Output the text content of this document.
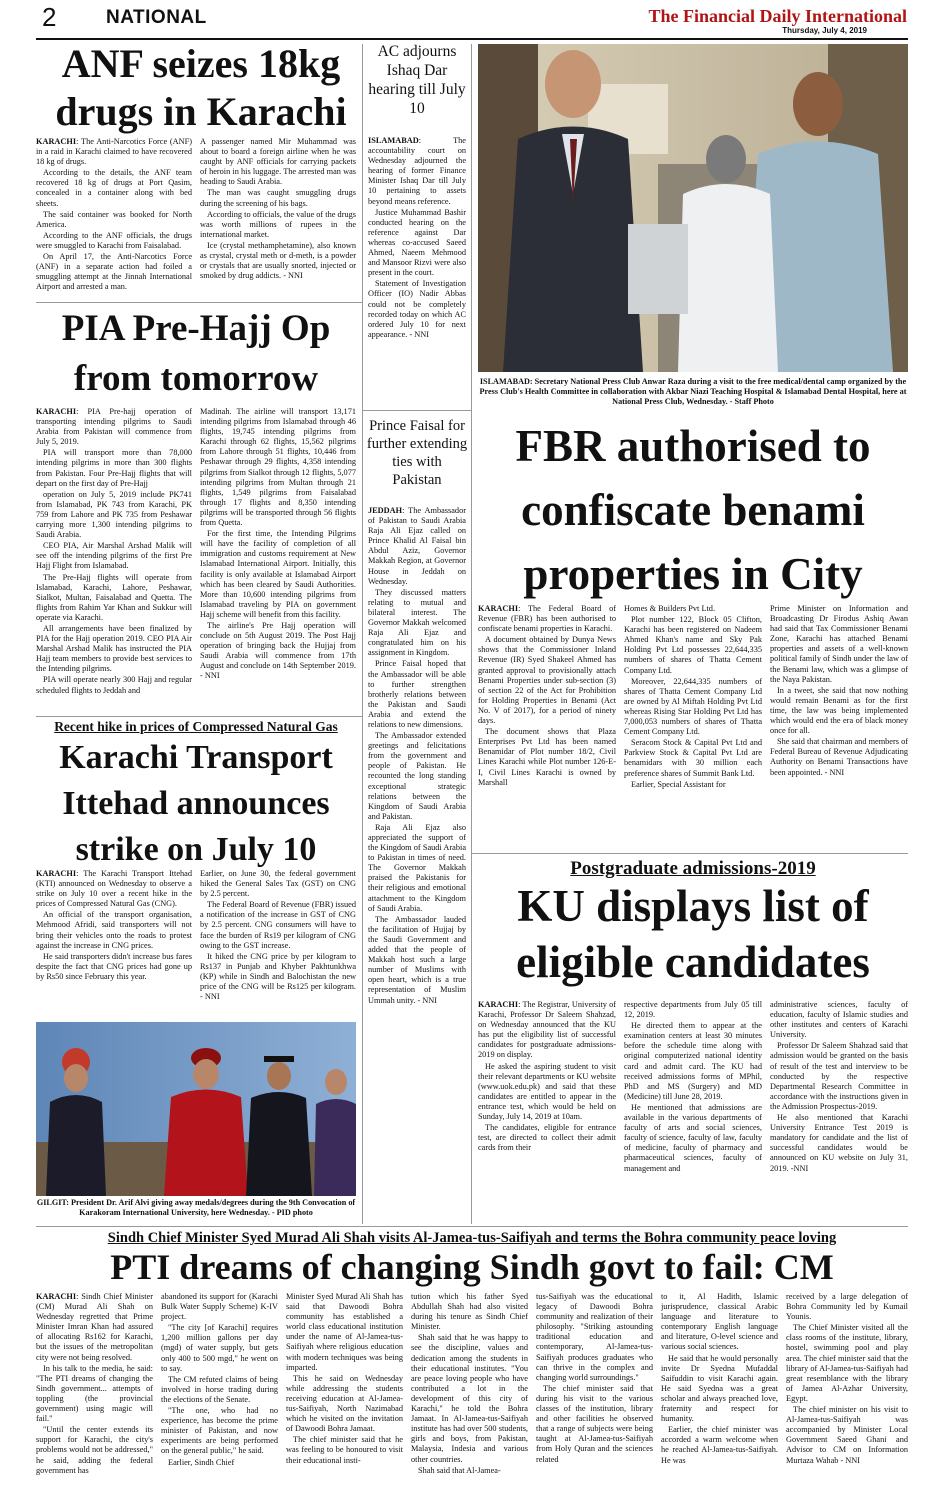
2	NATIONAL	The Financial Daily International
Thursday, July 4, 2019
ANF seizes 18kg drugs in Karachi

KARACHI: The Anti-Narcotics Force (ANF) in a raid in Karachi claimed to have recovered 18 kg of drugs.

According to the details, the ANF team recovered 18 kg of drugs at Port Qasim, concealed in a container along with bed sheets.

The said container was booked for North America.

According to the ANF officials, the drugs were smuggled to Karachi from Faisalabad.

On April 17, the Anti-Narcotics Force (ANF) in a separate action had foiled a smuggling attempt at the Jinnah International Airport and arrested a man.

A passenger named Mir Muhammad was about to board a foreign airline when he was caught by ANF officials for carrying packets of heroin in his luggage. The arrested man was heading to Saudi Arabia.

The man was caught smuggling drugs during the screening of his bags.

According to officials, the value of the drugs was worth millions of rupees in the international market.

Ice (crystal methamphetamine), also known as crystal, crystal meth or d-meth, is a powder or crystals that are usually snorted, injected or smoked by drug addicts. - NNI

AC adjourns Ishaq Dar hearing till July 10

ISLAMABAD: The accountability court on Wednesday adjourned the hearing of former Finance Minister Ishaq Dar till July 10 pertaining to assets beyond means reference.

Justice Muhammad Bashir conducted hearing on the reference against Dar whereas co-accused Saeed Ahmed, Naeem Mehmood and Mansoor Rizvi were also present in the court.

Statement of Investigation Officer (IO) Nadir Abbas could not be completely recorded today on which AC ordered July 10 for next appearance. - NNI

ISLAMABAD: Secretary National Press Club Anwar Raza during a visit to the free medical/dental camp organized by the Press Club's Health Committee in collaboration with Akbar Niazi Teaching Hospital & Islamabad Dental Hospital, here at National Press Club, Wednesday. - Staff Photo
PIA Pre-Hajj Op from tomorrow

KARACHI: PIA Pre-hajj operation of transporting intending pilgrims to Saudi Arabia from Pakistan will commence from July 5, 2019.

PIA will transport more than 78,000 intending pilgrims in more than 300 flights from Pakistan. Four Pre-Hajj flights that will depart on the first day of Pre-Hajj

operation on July 5, 2019 include PK741 from Islamabad, PK 743 from Karachi, PK 759 from Lahore and PK 735 from Peshawar carrying more 1,300 intending pilgrims to Saudi Arabia.

CEO PIA, Air Marshal Arshad Malik will see off the intending pilgrims of the first Pre Hajj Flight from Islamabad.

The Pre-Hajj flights will operate from Islamabad, Karachi, Lahore, Peshawar, Sialkot, Multan, Faisalabad and Quetta. The flights from Rahim Yar Khan and Sukkur will operate via Karachi.

All arrangements have been finalized by PIA for the Hajj operation 2019. CEO PIA Air Marshal Arshad Malik has instructed the PIA Hajj team members to provide best services to the Intending pilgrims.

PIA will operate nearly 300 Hajj and regular scheduled flights to Jeddah and

Madinah. The airline will transport 13,171 intending pilgrims from Islamabad through 46 flights, 19,745 intending pilgrims from Karachi through 62 flights, 15,562 pilgrims from Lahore through 51 flights, 10,446 from Peshawar through 29 flights, 4,358 intending pilgrims from Sialkot through 12 flights, 5,077 intending pilgrims from Multan through 21 flights, 1,549 pilgrims from Faisalabad through 17 flights and 8,350 intending pilgrims will be transported through 56 flights from Quetta.

For the first time, the Intending Pilgrims will have the facility of completion of all immigration and customs requirement at New Islamabad International Airport. Initially, this facility is only available at Islamabad Airport which has been cleared by Saudi Authorities. More than 10,600 intending pilgrims from Islamabad traveling by PIA on government Hajj scheme will benefit from this facility.

The airline's Pre Hajj operation will conclude on 5th August 2019. The Post Hajj operation of bringing back the Hujjaj from Saudi Arabia will commence from 17th August and conclude on 14th September 2019. - NNI

Prince Faisal for further extending ties with Pakistan

JEDDAH: The Ambassador of Pakistan to Saudi Arabia Raja Ali Ejaz called on Prince Khalid Al Faisal bin Abdul Aziz, Governor Makkah Region, at Governor House in Jeddah on Wednesday.

They discussed matters relating to mutual and bilateral interest. The Governor Makkah welcomed Raja Ali Ejaz and congratulated him on his assignment in Kingdom.

Prince Faisal hoped that the Ambassador will be able to further strengthen brotherly relations between the Pakistan and Saudi Arabia and extend the relations to new dimensions.

The Ambassador extended greetings and felicitations from the government and people of Pakistan. He recounted the long standing exceptional strategic relations between the Kingdom of Saudi Arabia and Pakistan.

Raja Ali Ejaz also appreciated the support of the Kingdom of Saudi Arabia to Pakistan in times of need. The Governor Makkah praised the Pakistanis for their religious and emotional attachment to the Kingdom of Saudi Arabia.

The Ambassador lauded the facilitation of Hujjaj by the Saudi Government and added that the people of Makkah host such a large number of Muslims with open heart, which is a true representation of Muslim Ummah unity. - NNI

FBR authorised to confiscate benami properties in City

KARACHI: The Federal Board of Revenue (FBR) has been authorised to confiscate benami properties in Karachi.

A document obtained by Dunya News shows that the Commissioner Inland Revenue (IR) Syed Shakeel Ahmed has granted approval to provisionally attach Benami Properties under sub-section (3) of section 22 of the Act for Prohibition for Holding Properties in Benami (Act No. V of 2017), for a period of ninety days.

The document shows that Plaza Enterprises Pvt Ltd has been named Benamidar of Plot number 18/2, Civil Lines Karachi while Plot number 126-E-I, Civil Lines Karachi is owned by Marshall

Homes & Builders Pvt Ltd.

Plot number 122, Block 05 Clifton, Karachi has been registered on Nadeem Ahmed Khan's name and Sky Pak Holding Pvt Ltd possesses 22,644,335 numbers of shares of Thatta Cement Company Ltd.

Moreover, 22,644,335 numbers of shares of Thatta Cement Company Ltd are owned by Al Miftah Holding Pvt Ltd whereas Rising Star Holding Pvt Ltd has 7,000,053 numbers of shares of Thatta Cement Company Ltd.

Seracom Stock & Capital Pvt Ltd and Parkview Stock & Capital Pvt Ltd are benamidars with 30 million each preference shares of Summit Bank Ltd.

Earlier, Special Assistant for

Prime Minister on Information and Broadcasting Dr Firodus Ashiq Awan had said that Tax Commissioner Benami Zone, Karachi has attached Benami properties and assets of a well-known political family of Sindh under the law of the Benami law, which was a glimpse of the Naya Pakistan.

In a tweet, she said that now nothing would remain Benami as for the first time, the law was being implemented which would end the era of black money once for all.

She said that chairman and members of Federal Bureau of Revenue Adjudicating Authority on Benami Transactions have been appointed. - NNI

Recent hike in prices of Compressed Natural Gas
Karachi Transport Ittehad announces strike on July 10

KARACHI: The Karachi Transport Ittehad (KTI) announced on Wednesday to observe a strike on July 10 over a recent hike in the prices of Compressed Natural Gas (CNG).

An official of the transport organisation, Mehmood Afridi, said transporters will not bring their vehicles onto the roads to protest against the increase in CNG prices.

He said transporters didn't increase bus fares despite the fact that CNG prices had gone up by Rs50 since February this year.

Earlier, on June 30, the federal government hiked the General Sales Tax (GST) on CNG by 2.5 percent.

The Federal Board of Revenue (FBR) issued a notification of the increase in GST of CNG by 2.5 percent. CNG consumers will have to face the burden of Rs19 per kilogram of CNG owing to the GST increase.

It hiked the CNG price by per kilogram to Rs137 in Punjab and Khyber Pakhtunkhwa (KP) while in Sindh and Balochistan the new price of the CNG will be Rs125 per kilogram. - NNI

GILGIT: President Dr. Arif Alvi giving away medals/degrees during the 9th Convocation of Karakoram International University, here Wednesday. - PID photo
Postgraduate admissions-2019
KU displays list of eligible candidates

KARACHI: The Registrar, University of Karachi, Professor Dr Saleem Shahzad, on Wednesday announced that the KU has put the eligibility list of successful candidates for postgraduate admissions-2019 on display.

He asked the aspiring student to visit their relevant departments or KU website (www.uok.edu.pk) and said that these candidates are entitled to appear in the entrance test, which would be held on Sunday, July 14, 2019 at 10am.

The candidates, eligible for entrance test, are directed to collect their admit cards from their

respective departments from July 05 till 12, 2019.

He directed them to appear at the examination centers at least 30 minutes before the schedule time along with original computerized national identity card and admit card. The KU had received admissions forms of MPhil, PhD and MS (Surgery) and MD (Medicine) till June 28, 2019.

He mentioned that admissions are available in the various departments of faculty of arts and social sciences, faculty of science, faculty of law, faculty of medicine, faculty of pharmacy and pharmaceutical sciences, faculty of management and

administrative sciences, faculty of education, faculty of Islamic studies and other institutes and centers of Karachi University.

Professor Dr Saleem Shahzad said that admission would be granted on the basis of result of the test and interview to be conducted by the respective Departmental Research Committee in accordance with the instructions given in the Admission Prospectus-2019.

He also mentioned that Karachi University Entrance Test 2019 is mandatory for candidate and the list of successful candidates would be announced on KU website on July 31, 2019. -NNI

Sindh Chief Minister Syed Murad Ali Shah visits Al-Jamea-tus-Saifiyah and terms the Bohra community peace loving
PTI dreams of changing Sindh govt to fail: CM

KARACHI: Sindh Chief Minister (CM) Murad Ali Shah on Wednesday regretted that Prime Minister Imran Khan had assured of allocating Rs162 for Karachi, but the issues of the metropolitan city were not being resolved.

In his talk to the media, he said: "The PTI dreams of changing the Sindh government... attempts of toppling (the provincial government) using magic will fail."

"Until the center extends its support for Karachi, the city's problems would not be addressed," he said, adding the federal government has

abandoned its support for (Karachi Bulk Water Supply Scheme) K-IV project.

"The city [of Karachi] requires 1,200 million gallons per day (mgd) of water supply, but gets only 400 to 500 mgd," he went on to say.

The CM refuted claims of being involved in horse trading during the elections of the Senate.

"The one, who had no experience, has become the prime minister of Pakistan, and now experiments are being performed on the general public," he said.

Earlier, Sindh Chief

Minister Syed Murad Ali Shah has said that Dawoodi Bohra community has established a world class educational institution under the name of Al-Jamea-tus-Saifiyah where religious education with modern techniques was being imparted.

This he said on Wednesday while addressing the students receiving education at Al-Jamea-tus-Saifiyah, North Nazimabad which he visited on the invitation of Dawoodi Bohra Jamaat.

The chief minister said that he was feeling to be honoured to visit their educational insti-

tution which his father Syed Abdullah Shah had also visited during his tenure as Sindh Chief Minister.

Shah said that he was happy to see the discipline, values and dedication among the students in their educational institutes. "You are peace loving people who have contributed a lot in the development of this city of Karachi," he told the Bohra Jamaat. In Al-Jamea-tus-Saifiyah institute has had over 500 students, girls and boys, from Pakistan, Malaysia, Indesia and various other countries.

Shah said that Al-Jamea-

tus-Saifiyah was the educational legacy of Dawoodi Bohra community and realization of their philosophy. "Striking astounding traditional education and contemporary, Al-Jamea-tus-Saifiyah produces graduates who can thrive in the complex and changing world surroundings."

The chief minister said that during his visit to the various classes of the institution, library and other facilities he observed that a range of subjects were being taught at Al-Jamea-tus-Saifiyah from Holy Quran and the sciences related

to it, Al Hadith, Islamic jurisprudence, classical Arabic language and literature to contemporary English language and literature, O-level science and various social sciences.

He said that he would personally invite Dr Syedna Mufaddal Saifuddin to visit Karachi again. He said Syedna was a great scholar and always preached love, fraternity and respect for humanity.

Earlier, the chief minister was accorded a warm welcome when he reached Al-Jamea-tus-Saifiyah. He was

received by a large delegation of Bohra Community led by Kumail Younis.

The Chief Minister visited all the class rooms of the institute, library, hostel, swimming pool and play area. The chief minister said that the library of Al-Jamea-tus-Saifiyah had great resemblance with the library of Jamea Al-Azhar University, Egypt.

The chief minister on his visit to Al-Jamea-tus-Saifiyah was accompanied by Minister Local Government Saeed Ghani and Advisor to CM on Information Murtaza Wahab - NNI
